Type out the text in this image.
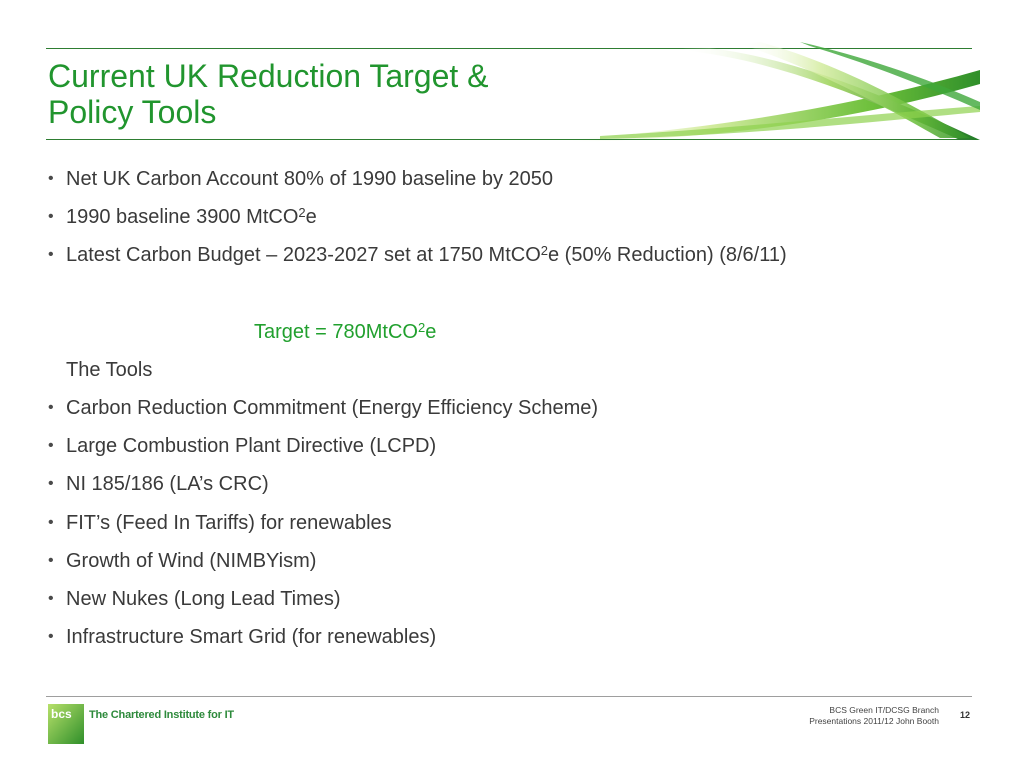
Current UK Reduction Target &
Policy Tools
• Net UK Carbon Account 80% of 1990 baseline by 2050
• 1990 baseline 3900 MtCO$^2$e
• Latest Carbon Budget – 2023-2027 set at 1750 MtCO$^2$e (50% Reduction) (8/6/11)
Target = 780MtCO$^2$e
The Tools
• Carbon Reduction Commitment (Energy Efficiency Scheme)
• Large Combustion Plant Directive (LCPD)
• NI 185/186 (LA’s CRC)
• FIT’s (Feed In Tariffs) for renewables
• Growth of Wind (NIMBYism)
• New Nukes (Long Lead Times)
• Infrastructure Smart Grid (for renewables)
bcs The Chartered Institute for IT	BCS Green IT/DCSG Branch
Presentations 2011/12 John Booth
12
